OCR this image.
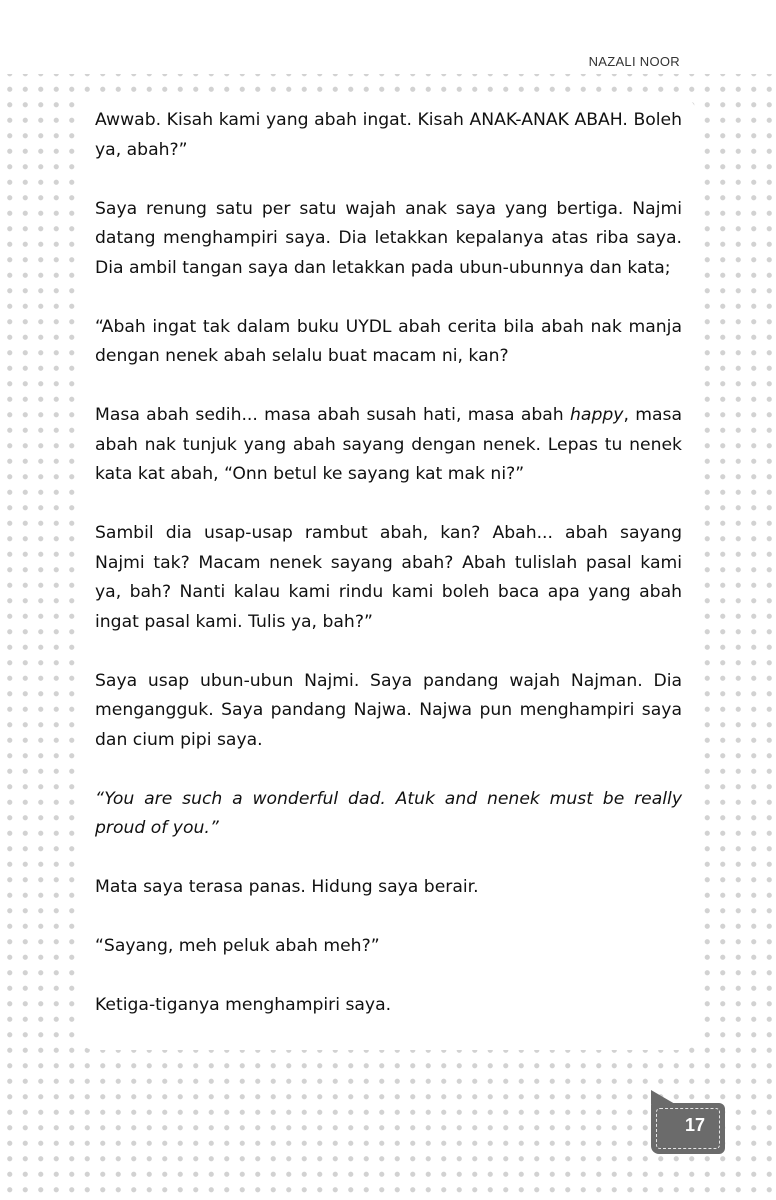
NAZALI NOOR

Awwab. Kisah kami yang abah ingat. Kisah ANAK-ANAK ABAH. Boleh ya, abah?”

Saya renung satu per satu wajah anak saya yang bertiga. Najmi datang menghampiri saya. Dia letakkan kepalanya atas riba saya. Dia ambil tangan saya dan letakkan pada ubun-ubunnya dan kata;

“Abah ingat tak dalam buku UYDL abah cerita bila abah nak manja dengan nenek abah selalu buat macam ni, kan?

Masa abah sedih... masa abah susah hati, masa abah happy, masa abah nak tunjuk yang abah sayang dengan nenek. Lepas tu nenek kata kat abah, “Onn betul ke sayang kat mak ni?”

Sambil dia usap-usap rambut abah, kan? Abah... abah sayang Najmi tak? Macam nenek sayang abah? Abah tulislah pasal kami ya, bah? Nanti kalau kami rindu kami boleh baca apa yang abah ingat pasal kami. Tulis ya, bah?”

Saya usap ubun-ubun Najmi. Saya pandang wajah Najman. Dia mengangguk. Saya pandang Najwa. Najwa pun menghampiri saya dan cium pipi saya.

“You are such a wonderful dad. Atuk and nenek must be really proud of you.”

Mata saya terasa panas. Hidung saya berair.

“Sayang, meh peluk abah meh?”

Ketiga-tiganya menghampiri saya.

17
